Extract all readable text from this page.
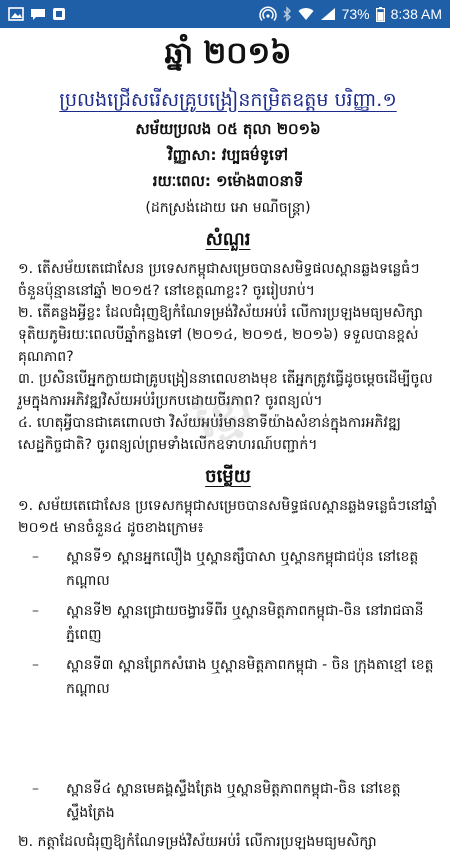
73% 8:38 AM
ខ្មែរ
ឆ្នាំ ២០១៦
ប្រលងជ្រើសរើសគ្រូបង្រៀនកម្រិតឧត្តម បរិញ្ញា.១
សម័យប្រលង ០៥ តុលា ២០១៦
វិញ្ញាសា: វប្បធម៌ទូទៅ
រយៈពេល: ១ម៉ោង៣០នាទី
(ដកស្រង់ដោយ អោ មណីចន្ត្រា)
សំណួរ

១. តើសម័យតេជោសែន ប្រទេសកម្ពុជាសម្រេចបានសមិទ្ធផលស្ពានឆ្លងទន្លេធំៗ ចំនួនប៉ុន្មាននៅឆ្នាំ ២០១៥? នៅខេត្តណាខ្លះ? ចូររៀបរាប់។

២. តើគន្លងអ្វីខ្លះ ដែលជំរុញឱ្យកំណែទម្រង់វិស័យអប់រំ លើការប្រឡងមធ្យមសិក្សាទុតិយភូមិរយៈពេលបីឆ្នាំកន្លងទៅ (២០១៤, ២០១៥, ២០១៦) ទទួលបានខ្ពស់គុណភាព?

៣. ប្រសិនបើអ្នកក្លាយជាគ្រូបង្រៀននាពេលខាងមុខ តើអ្នកត្រូវធ្វើដូចម្តេចដើម្បីចូលរួមក្នុងការអភិវឌ្ឍវិស័យអប់រំប្រកបដោយចីរភាព? ចូរពន្យល់។

៤. ហេតុអ្វីបានជាគេពោលថា វិស័យអប់រំមាននាទីយ៉ាងសំខាន់ក្នុងការអភិវឌ្ឍសេដ្ឋកិច្ចជាតិ? ចូរពន្យល់ព្រមទាំងលើកឧទាហរណ៍បញ្ជាក់។

ចម្លើយ

១. សម័យតេជោសែន ប្រទេសកម្ពុជាសម្រេចបានសមិទ្ធផលស្ពានឆ្លងទន្លេធំៗនៅឆ្នាំ ២០១៥ មានចំនួន៤ ដូចខាងក្រោម៖

– ស្ពានទី១ ស្ពានអ្នកលឿង ឬស្ពានត្សឹបាសា ឬស្ពានកម្ពុជាជប៉ុន នៅខេត្តកណ្តាល
– ស្ពានទី២ ស្ពានជ្រោយចង្វារទីពីរ ឬស្ពានមិត្តភាពកម្ពុជា-ចិន នៅរាជធានីភ្នំពេញ
– ស្ពានទី៣ ស្ពានព្រែកសំរោង ឬស្ពានមិត្តភាពកម្ពុជា - ចិន ក្រុងតាខ្មៅ ខេត្តកណ្តាល
– ស្ពានទី៤ ស្ពានមេគង្គស្ទឹងត្រែង ឬស្ពានមិត្តភាពកម្ពុជា-ចិន នៅខេត្តស្ទឹងត្រែង

២. កត្តាដែលជំរុញឱ្យកំណែទម្រង់វិស័យអប់រំ លើការប្រឡងមធ្យមសិក្សា
